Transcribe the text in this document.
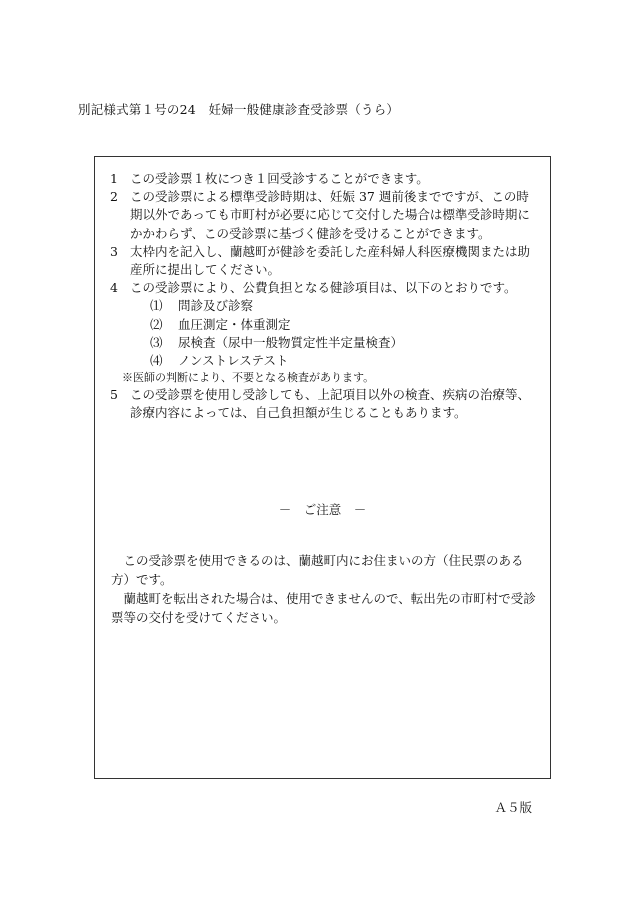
別記様式第１号の24　妊婦一般健康診査受診票（うら）
1 この受診票１枚につき１回受診することができます。
2 この受診票による標準受診時期は、妊娠 37 週前後までですが、この時期以外であっても市町村が必要に応じて交付した場合は標準受診時期にかかわらず、この受診票に基づく健診を受けることができます。
3 太枠内を記入し、蘭越町が健診を委託した産科婦人科医療機関または助産所に提出してください。
4 この受診票により、公費負担となる健診項目は、以下のとおりです。
⑴	問診及び診察
⑵	血圧測定・体重測定
⑶	尿検査（尿中一般物質定性半定量検査）
⑷	ノンストレステスト
※医師の判断により、不要となる検査があります。
5 この受診票を使用し受診しても、上記項目以外の検査、疾病の治療等、診療内容によっては、自己負担額が生じることもあります。
－　ご注意　－

この受診票を使用できるのは、蘭越町内にお住まいの方（住民票のある方）です。

蘭越町を転出された場合は、使用できませんので、転出先の市町村で受診票等の交付を受けてください。

Ａ５版
